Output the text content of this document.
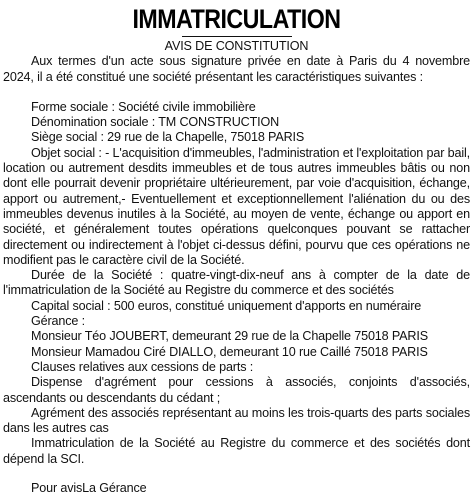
IMMATRICULATION

AVIS DE CONSTITUTION

Aux termes d'un acte sous signature privée en date à Paris du 4 novembre 2024, il a été constitué une société présentant les caractéristiques suivantes :

Forme sociale : Société civile immobilière

Dénomination sociale : TM CONSTRUCTION

Siège social : 29 rue de la Chapelle, 75018 PARIS

Objet social : - L'acquisition d'immeubles, l'administration et l'exploitation par bail, location ou autrement desdits immeubles et de tous autres immeubles bâtis ou non dont elle pourrait devenir propriétaire ultérieurement, par voie d'acquisition, échange, apport ou autrement,- Eventuellement et exceptionnellement l'aliénation du ou des immeubles devenus inutiles à la Société, au moyen de vente, échange ou apport en société, et généralement toutes opérations quelconques pouvant se rattacher directement ou indirectement à l'objet ci-dessus défini, pourvu que ces opérations ne modifient pas le caractère civil de la Société.

Durée de la Société : quatre-vingt-dix-neuf ans à compter de la date de l'immatriculation de la Société au Registre du commerce et des sociétés

Capital social : 500 euros, constitué uniquement d'apports en numéraire

Gérance :

Monsieur Téo JOUBERT, demeurant 29 rue de la Chapelle 75018 PARIS

Monsieur Mamadou Ciré DIALLO, demeurant 10 rue Caillé 75018 PARIS

Clauses relatives aux cessions de parts :

Dispense d'agrément pour cessions à associés, conjoints d'associés, ascendants ou descendants du cédant ;

Agrément des associés représentant au moins les trois-quarts des parts sociales dans les autres cas

Immatriculation de la Société au Registre du commerce et des sociétés dont dépend la SCI.

Pour avisLa Gérance
